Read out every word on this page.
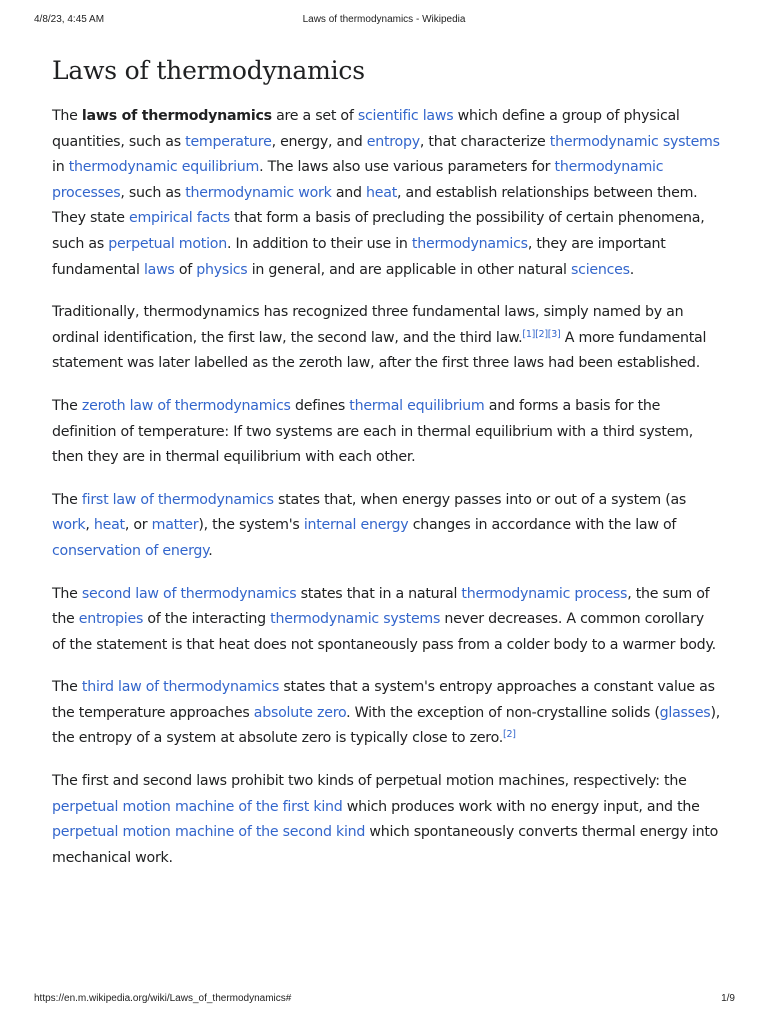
4/8/23, 4:45 AM	Laws of thermodynamics - Wikipedia
Laws of thermodynamics

The laws of thermodynamics are a set of scientific laws which define a group of physical quantities, such as temperature, energy, and entropy, that characterize thermodynamic systems in thermodynamic equilibrium. The laws also use various parameters for thermodynamic processes, such as thermodynamic work and heat, and establish relationships between them. They state empirical facts that form a basis of precluding the possibility of certain phenomena, such as perpetual motion. In addition to their use in thermodynamics, they are important fundamental laws of physics in general, and are applicable in other natural sciences.

Traditionally, thermodynamics has recognized three fundamental laws, simply named by an ordinal identification, the first law, the second law, and the third law.[1][2][3] A more fundamental statement was later labelled as the zeroth law, after the first three laws had been established.

The zeroth law of thermodynamics defines thermal equilibrium and forms a basis for the definition of temperature: If two systems are each in thermal equilibrium with a third system, then they are in thermal equilibrium with each other.

The first law of thermodynamics states that, when energy passes into or out of a system (as work, heat, or matter), the system's internal energy changes in accordance with the law of conservation of energy.

The second law of thermodynamics states that in a natural thermodynamic process, the sum of the entropies of the interacting thermodynamic systems never decreases. A common corollary of the statement is that heat does not spontaneously pass from a colder body to a warmer body.

The third law of thermodynamics states that a system's entropy approaches a constant value as the temperature approaches absolute zero. With the exception of non-crystalline solids (glasses), the entropy of a system at absolute zero is typically close to zero.[2]

The first and second laws prohibit two kinds of perpetual motion machines, respectively: the perpetual motion machine of the first kind which produces work with no energy input, and the perpetual motion machine of the second kind which spontaneously converts thermal energy into mechanical work.

https://en.m.wikipedia.org/wiki/Laws_of_thermodynamics#	1/9
